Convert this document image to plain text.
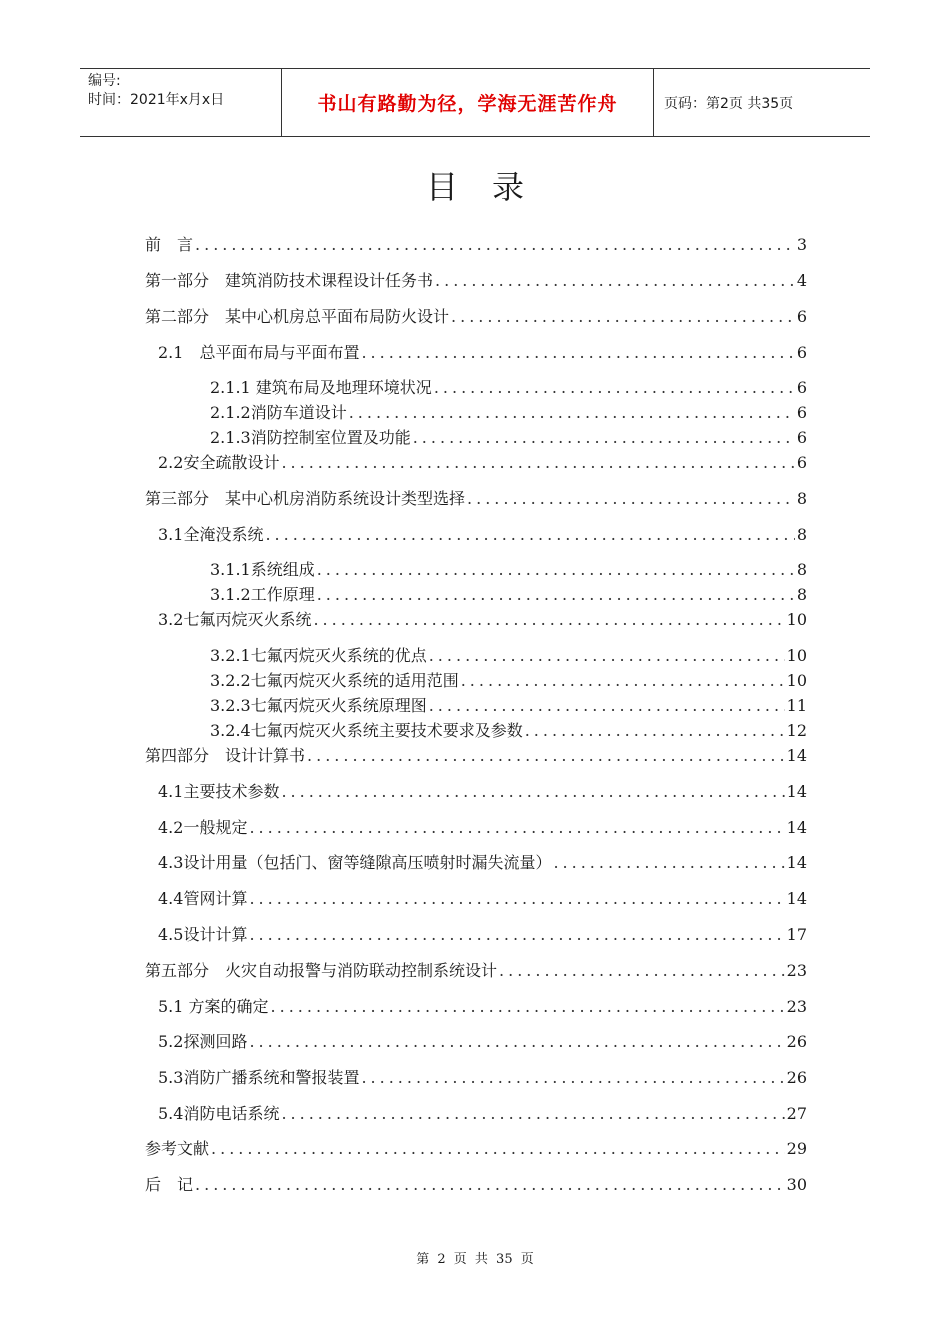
编号:
时间：2021年x月x日	书山有路勤为径，学海无涯苦作舟	页码：第2页 共35页
目录
前　言 .....	3
第一部分　建筑消防技术课程设计任务书 .....	4
第二部分　某中心机房总平面布局防火设计 .....	6
2.1　总平面布局与平面布置 .....	6
2.1.1 建筑布局及地理环境状况 .....	6
2.1.2消防车道设计 .....	6
2.1.3消防控制室位置及功能 .....	6
2.2安全疏散设计 .....	6
第三部分　某中心机房消防系统设计类型选择 .....	8
3.1全淹没系统 .....	8
3.1.1系统组成 .....	8
3.1.2工作原理 .....	8
3.2七氟丙烷灭火系统 .....	10
3.2.1七氟丙烷灭火系统的优点 .....	10
3.2.2七氟丙烷灭火系统的适用范围 .....	10
3.2.3七氟丙烷灭火系统原理图 .....	11
3.2.4七氟丙烷灭火系统主要技术要求及参数 .....	12
第四部分　设计计算书 .....	14
4.1主要技术参数 .....	14
4.2一般规定 .....	14
4.3设计用量（包括门、窗等缝隙高压喷射时漏失流量） .....	14
4.4管网计算 .....	14
4.5设计计算 .....	17
第五部分　火灾自动报警与消防联动控制系统设计 .....	23
5.1 方案的确定 .....	23
5.2探测回路 .....	26
5.3消防广播系统和警报装置 .....	26
5.4消防电话系统 .....	27
参考文献 .....	29
后　记 .....	30
第 2 页 共 35 页
